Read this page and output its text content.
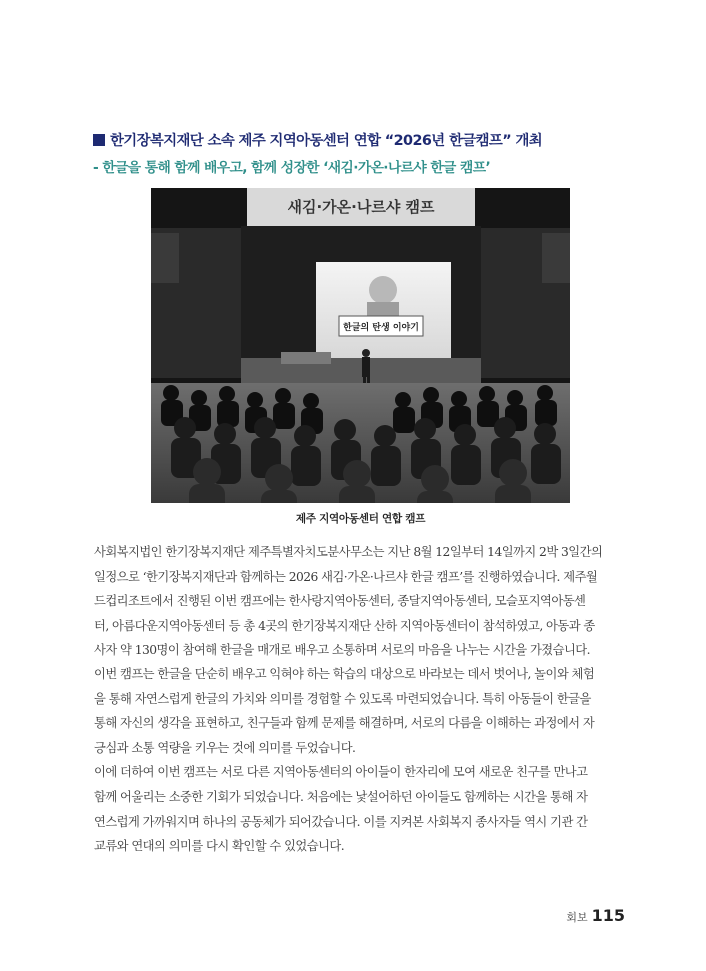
한기장복지재단 소속 제주 지역아동센터 연합 “2026년 한글캠프” 개최
- 한글을 통해 함께 배우고, 함께 성장한 ‘새김·가온·나르샤 한글 캠프’
새김·가온·나르샤 캠프
한글의 탄생 이야기
제주 지역아동센터 연합 캠프
사회복지법인 한기장복지재단 제주특별자치도분사무소는 지난 8월 12일부터 14일까지 2박 3일간의
일정으로 ‘한기장복지재단과 함께하는 2026 새김·가온·나르샤 한글 캠프’를 진행하였습니다. 제주월
드컵리조트에서 진행된 이번 캠프에는 한사랑지역아동센터, 종달지역아동센터, 모슬포지역아동센
터, 아름다운지역아동센터 등 총 4곳의 한기장복지재단 산하 지역아동센터이 참석하였고, 아동과 종
사자 약 130명이 참여해 한글을 매개로 배우고 소통하며 서로의 마음을 나누는 시간을 가졌습니다.
이번 캠프는 한글을 단순히 배우고 익혀야 하는 학습의 대상으로 바라보는 데서 벗어나, 놀이와 체험
을 통해 자연스럽게 한글의 가치와 의미를 경험할 수 있도록 마련되었습니다. 특히 아동들이 한글을
통해 자신의 생각을 표현하고, 친구들과 함께 문제를 해결하며, 서로의 다름을 이해하는 과정에서 자
긍심과 소통 역량을 키우는 것에 의미를 두었습니다.
이에 더하여 이번 캠프는 서로 다른 지역아동센터의 아이들이 한자리에 모여 새로운 친구를 만나고
함께 어울리는 소중한 기회가 되었습니다. 처음에는 낯설어하던 아이들도 함께하는 시간을 통해 자
연스럽게 가까워지며 하나의 공동체가 되어갔습니다. 이를 지켜본 사회복지 종사자들 역시 기관 간
교류와 연대의 의미를 다시 확인할 수 있었습니다.
회보 115
